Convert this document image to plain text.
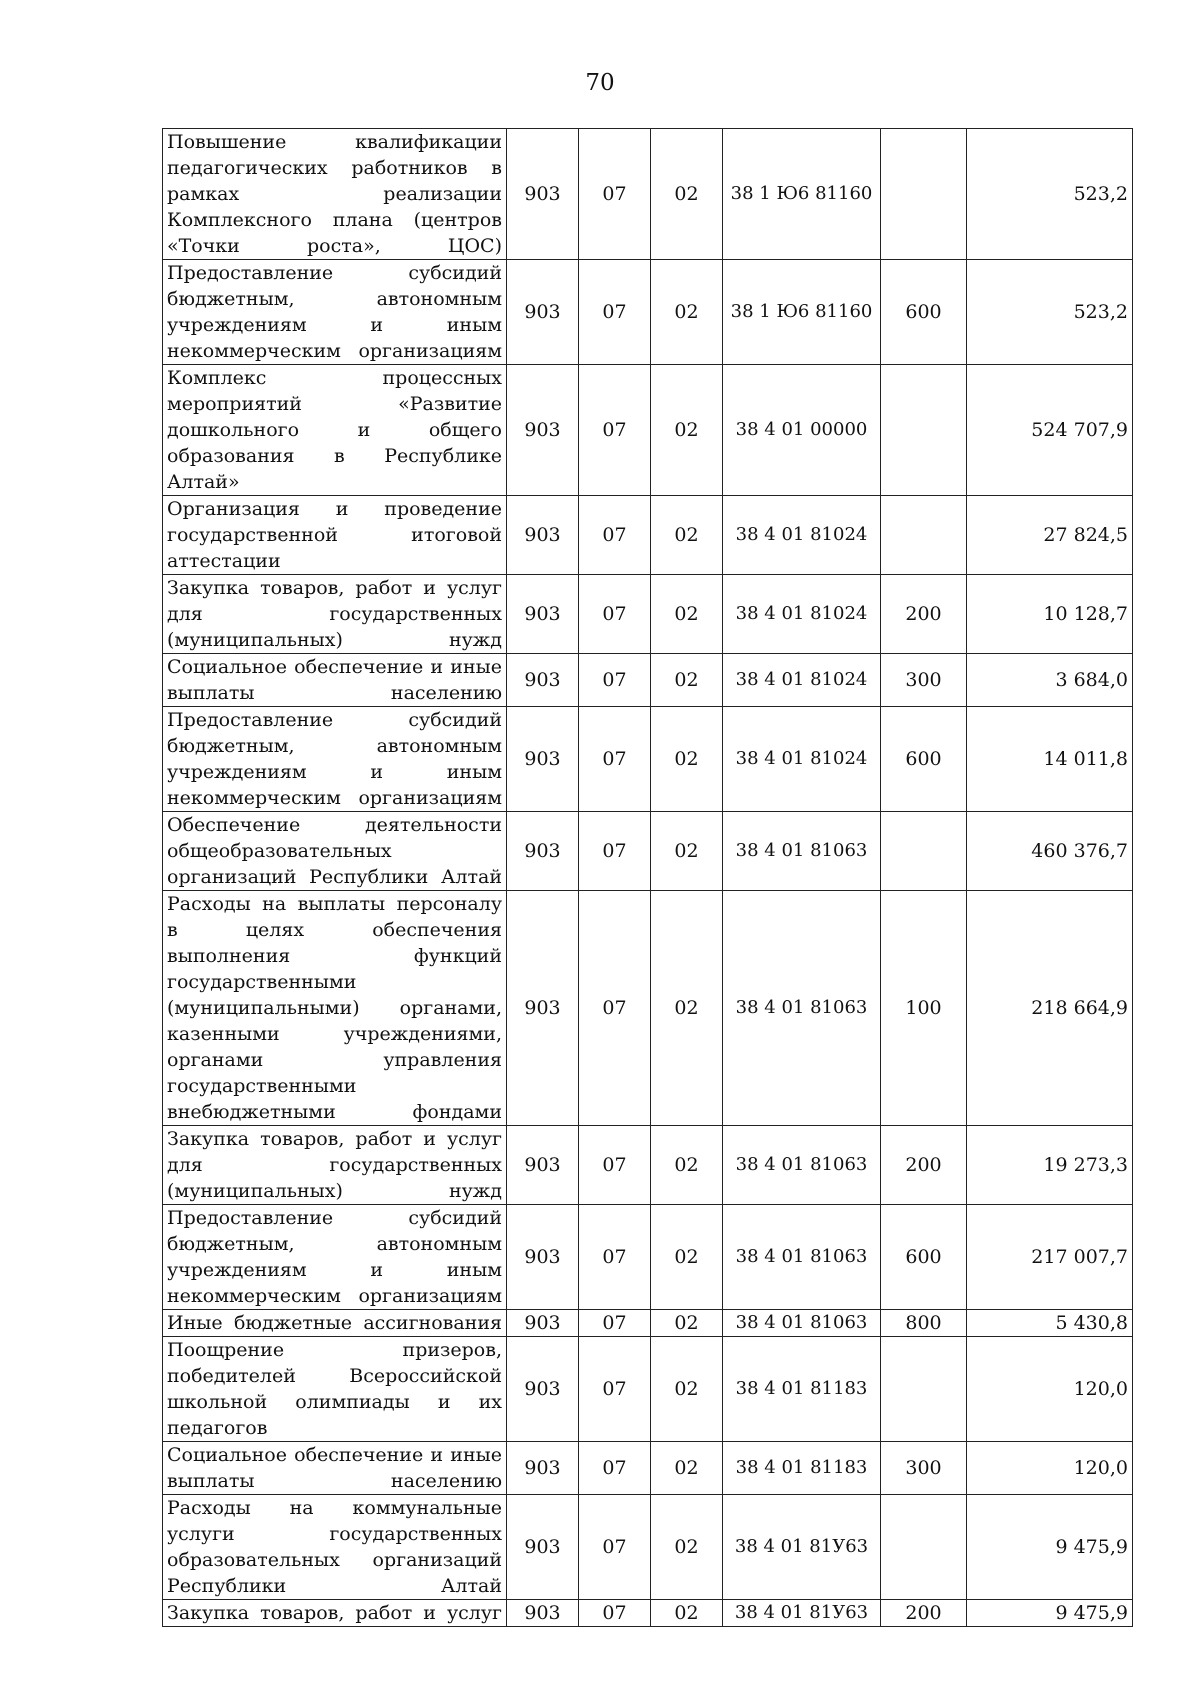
70
Повышение квалификации педагогических работников в рамках реализации Комплексного плана (центров «Точки роста», ЦОС)	903	07	02	38 1 Ю6 81160		523,2
Предоставление субсидий бюджетным, автономным учреждениям и иным некоммерческим организациям	903	07	02	38 1 Ю6 81160	600	523,2
Комплекс процессных мероприятий «Развитие дошкольного и общего образования в Республике Алтай»	903	07	02	38 4 01 00000		524 707,9
Организация и проведение государственной итоговой аттестации	903	07	02	38 4 01 81024		27 824,5
Закупка товаров, работ и услуг для государственных (муниципальных) нужд	903	07	02	38 4 01 81024	200	10 128,7
Социальное обеспечение и иные выплаты населению	903	07	02	38 4 01 81024	300	3 684,0
Предоставление субсидий бюджетным, автономным учреждениям и иным некоммерческим организациям	903	07	02	38 4 01 81024	600	14 011,8
Обеспечение деятельности общеобразовательных организаций Республики Алтай	903	07	02	38 4 01 81063		460 376,7
Расходы на выплаты персоналу в целях обеспечения выполнения функций государственными (муниципальными) органами, казенными учреждениями, органами управления государственными внебюджетными фондами	903	07	02	38 4 01 81063	100	218 664,9
Закупка товаров, работ и услуг для государственных (муниципальных) нужд	903	07	02	38 4 01 81063	200	19 273,3
Предоставление субсидий бюджетным, автономным учреждениям и иным некоммерческим организациям	903	07	02	38 4 01 81063	600	217 007,7
Иные бюджетные ассигнования	903	07	02	38 4 01 81063	800	5 430,8
Поощрение призеров, победителей Всероссийской школьной олимпиады и их педагогов	903	07	02	38 4 01 81183		120,0
Социальное обеспечение и иные выплаты населению	903	07	02	38 4 01 81183	300	120,0
Расходы на коммунальные услуги государственных образовательных организаций Республики Алтай	903	07	02	38 4 01 81У63		9 475,9
Закупка товаров, работ и услуг	903	07	02	38 4 01 81У63	200	9 475,9
